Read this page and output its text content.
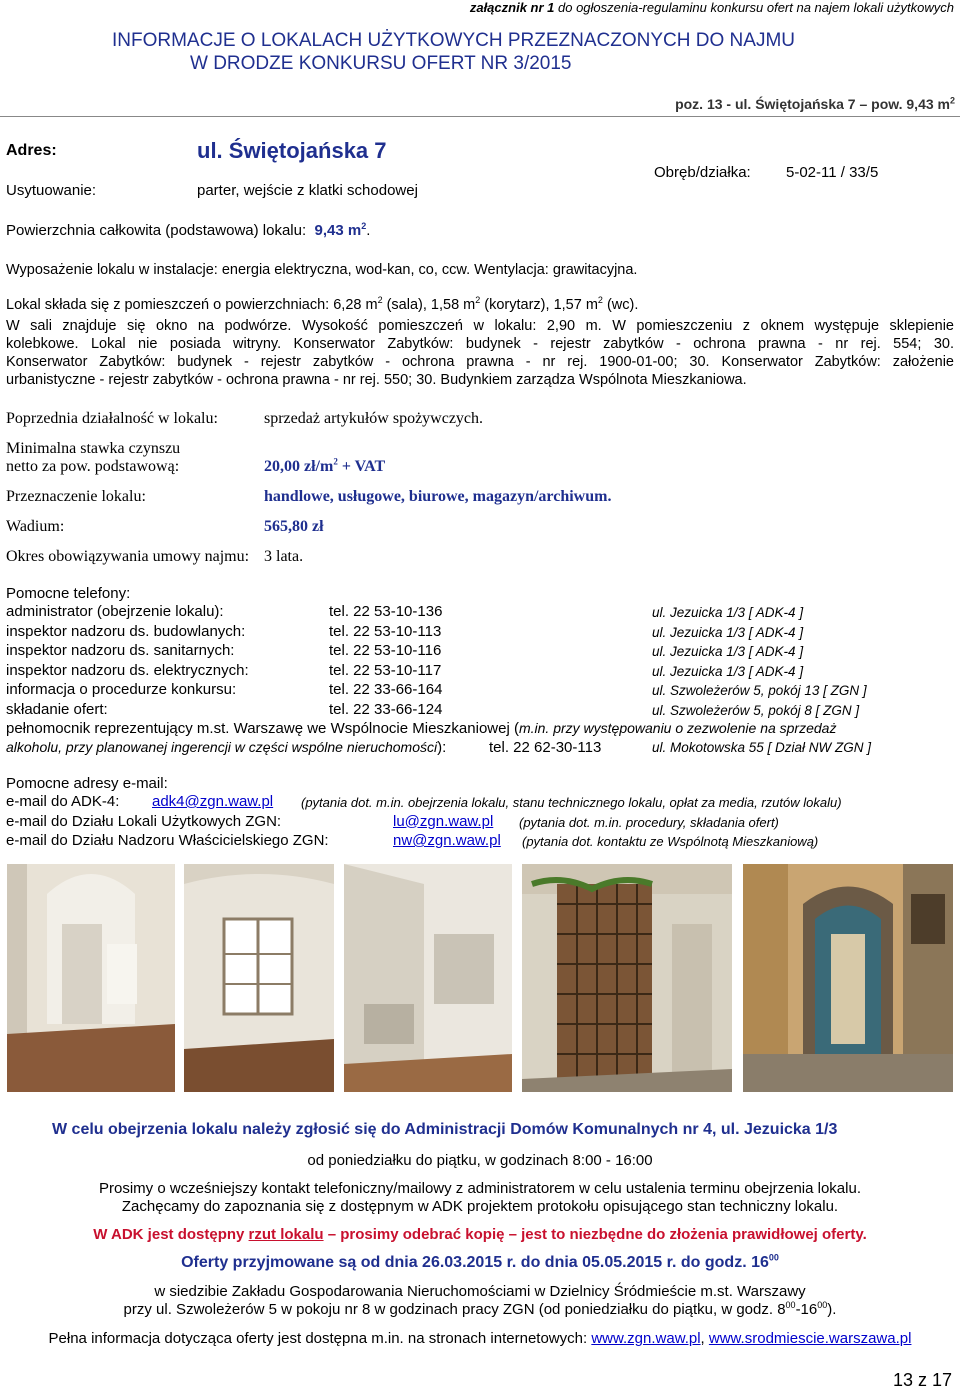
załącznik nr 1 do ogłoszenia-regulaminu konkursu ofert na najem lokali użytkowych
INFORMACJE O LOKALACH UŻYTKOWYCH PRZEZNACZONYCH DO NAJMU
W DRODZE KONKURSU OFERT NR 3/2015
poz. 13 - ul. Świętojańska 7 – pow. 9,43 $m^2$
Adres:	ul. Świętojańska 7
Usytuowanie:	parter, wejście z klatki schodowej
Obręb/działka: 5-02-11 / 33/5
Powierzchnia całkowita (podstawowa) lokalu: 9,43 $m^2$.
Wyposażenie lokalu w instalacje: energia elektryczna, wod-kan, co, ccw. Wentylacja: grawitacyjna.
Lokal składa się z pomieszczeń o powierzchniach: 6,28 $m^2$ (sala), 1,58 $m^2$ (korytarz), 1,57 $m^2$ (wc).
W sali znajduje się okno na podwórze. Wysokość pomieszczeń w lokalu: 2,90 m. W pomieszczeniu z oknem występuje sklepienie
kolebkowe. Lokal nie posiada witryny. Konserwator Zabytków: budynek - rejestr zabytków - ochrona prawna - nr rej. 554; 30.
Konserwator Zabytków: budynek - rejestr zabytków - ochrona prawna - nr rej. 1900-01-00; 30. Konserwator Zabytków: założenie
urbanistyczne - rejestr zabytków - ochrona prawna - nr rej. 550; 30. Budynkiem zarządza Wspólnota Mieszkaniowa.
Poprzednia działalność w lokalu:	sprzedaż artykułów spożywczych.
Minimalna stawka czynszu
netto za pow. podstawową:	20,00 $zł/m^2$ + VAT
Przeznaczenie lokalu:	handlowe, usługowe, biurowe, magazyn/archiwum.
Wadium:	565,80 zł
Okres obowiązywania umowy najmu: 3 lata.
Pomocne telefony:
administrator (obejrzenie lokalu):	tel. 22 53-10-136	ul. Jezuicka 1/3 [ ADK-4 ]
inspektor nadzoru ds. budowlanych:	tel. 22 53-10-113	ul. Jezuicka 1/3 [ ADK-4 ]
inspektor nadzoru ds. sanitarnych:	tel. 22 53-10-116	ul. Jezuicka 1/3 [ ADK-4 ]
inspektor nadzoru ds. elektrycznych:	tel. 22 53-10-117	ul. Jezuicka 1/3 [ ADK-4 ]
informacja o procedurze konkursu:	tel. 22 33-66-164	ul. Szwoleżerów 5, pokój 13 [ ZGN ]
składanie ofert:	tel. 22 33-66-124	ul. Szwoleżerów 5, pokój 8 [ ZGN ]
pełnomocnik reprezentujący m.st. Warszawę we Wspólnocie Mieszkaniowej (m.in. przy występowaniu o zezwolenie na sprzedaż
alkoholu, przy planowanej ingerencji w części wspólne nieruchomości):	tel. 22 62-30-113	ul. Mokotowska 55 [ Dział NW ZGN ]
Pomocne adresy e-mail:
e-mail do ADK-4: adk4@zgn.waw.pl (pytania dot. m.in. obejrzenia lokalu, stanu technicznego lokalu, opłat za media, rzutów lokalu)
e-mail do Działu Lokali Użytkowych ZGN:	lu@zgn.waw.pl (pytania dot. m.in. procedury, składania ofert)
e-mail do Działu Nadzoru Właścicielskiego ZGN:	nw@zgn.waw.pl (pytania dot. kontaktu ze Wspólnotą Mieszkaniową)
W celu obejrzenia lokalu należy zgłosić się do Administracji Domów Komunalnych nr 4, ul. Jezuicka 1/3
od poniedziałku do piątku, w godzinach 8:00 - 16:00
Prosimy o wcześniejszy kontakt telefoniczny/mailowy z administratorem w celu ustalenia terminu obejrzenia lokalu.
Zachęcamy do zapoznania się z dostępnym w ADK projektem protokołu opisującego stan techniczny lokalu.
W ADK jest dostępny rzut lokalu – prosimy odebrać kopię – jest to niezbędne do złożenia prawidłowej oferty.
Oferty przyjmowane są od dnia 26.03.2015 r. do dnia 05.05.2015 r. do godz. $16^{00}$
w siedzibie Zakładu Gospodarowania Nieruchomościami w Dzielnicy Śródmieście m.st. Warszawy
przy ul. Szwoleżerów 5 w pokoju nr 8 w godzinach pracy ZGN (od poniedziałku do piątku, w godz. $8^{00}-16^{00}$).
Pełna informacja dotycząca oferty jest dostępna m.in. na stronach internetowych: www.zgn.waw.pl, www.srodmiescie.warszawa.pl
13 z 17
